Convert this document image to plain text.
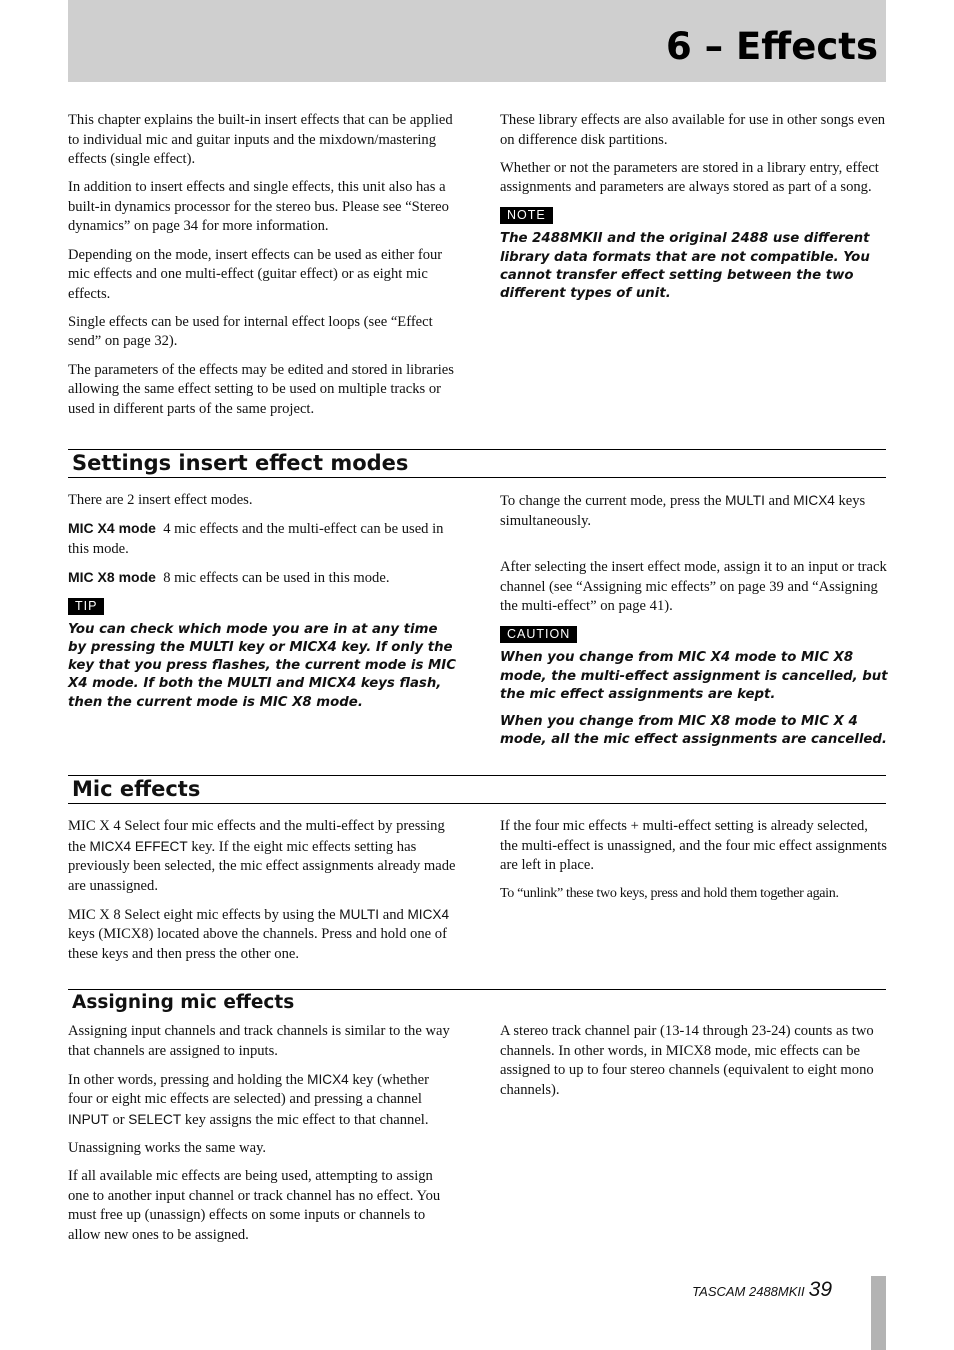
6 – Effects

This chapter explains the built-in insert effects that can be applied to individual mic and guitar inputs and the mixdown/mastering effects (single effect).

In addition to insert effects and single effects, this unit also has a built-in dynamics processor for the stereo bus. Please see “Stereo dynamics” on page 34 for more information.

Depending on the mode, insert effects can be used as either four mic effects and one multi-effect (guitar effect) or as eight mic effects.

Single effects can be used for internal effect loops (see “Effect send” on page 32).

The parameters of the effects may be edited and stored in libraries allowing the same effect setting to be used on multiple tracks or used in different parts of the same project.

These library effects are also available for use in other songs even on difference disk partitions.

Whether or not the parameters are stored in a library entry, effect assignments and parameters are always stored as part of a song.

NOTE
The 2488MKII and the original 2488 use different library data formats that are not compatible. You cannot transfer effect setting between the two different types of unit.
Settings insert effect modes

There are 2 insert effect modes.

MIC X4 mode 4 mic effects and the multi-effect can be used in this mode.

MIC X8 mode 8 mic effects can be used in this mode.

TIP
You can check which mode you are in at any time by pressing the MULTI key or MICX4 key. If only the key that you press flashes, the current mode is MIC X4 mode. If both the MULTI and MICX4 keys flash, then the current mode is MIC X8 mode.

To change the current mode, press the MULTI and MICX4 keys simultaneously.

After selecting the insert effect mode, assign it to an input or track channel (see “Assigning mic effects” on page 39 and “Assigning the multi-effect” on page 41).

CAUTION
When you change from MIC X4 mode to MIC X8 mode, the multi-effect assignment is cancelled, but the mic effect assignments are kept.
When you change from MIC X8 mode to MIC X 4 mode, all the mic effect assignments are cancelled.
Mic effects

MIC X 4 Select four mic effects and the multi-effect by pressing the MICX4 EFFECT key. If the eight mic effects setting has previously been selected, the mic effect assignments already made are unassigned.

MIC X 8 Select eight mic effects by using the MULTI and MICX4 keys (MICX8) located above the channels. Press and hold one of these keys and then press the other one.

If the four mic effects + multi-effect setting is already selected, the multi-effect is unassigned, and the four mic effect assignments are left in place.

To “unlink” these two keys, press and hold them together again.

Assigning mic effects

Assigning input channels and track channels is similar to the way that channels are assigned to inputs.

In other words, pressing and holding the MICX4 key (whether four or eight mic effects are selected) and pressing a channel INPUT or SELECT key assigns the mic effect to that channel.

Unassigning works the same way.

If all available mic effects are being used, attempting to assign one to another input channel or track channel has no effect. You must free up (unassign) effects on some inputs or channels to allow new ones to be assigned.

A stereo track channel pair (13-14 through 23-24) counts as two channels. In other words, in MICX8 mode, mic effects can be assigned to up to four stereo channels (equivalent to eight mono channels).

TASCAM 2488MKII 39
